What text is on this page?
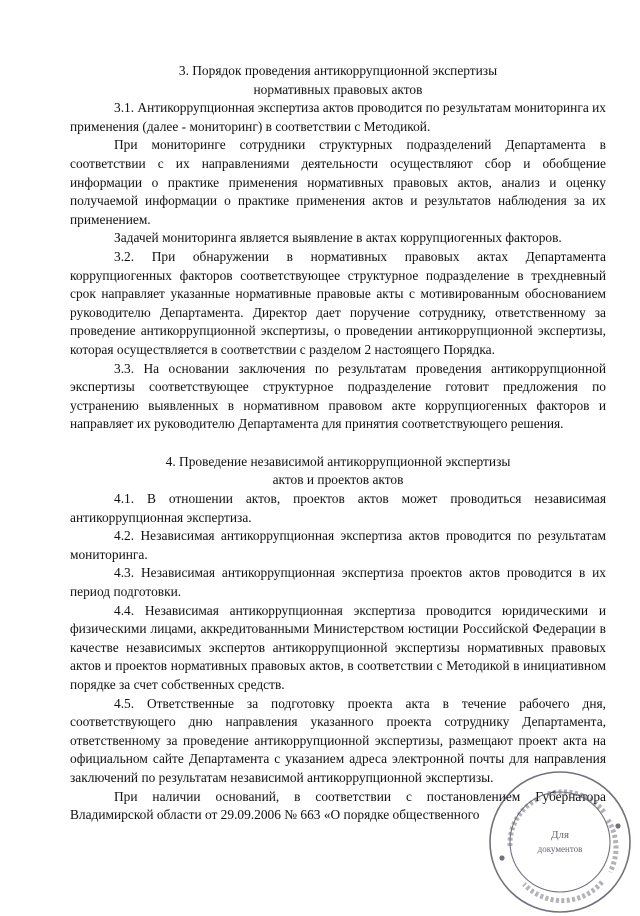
3. Порядок проведения антикоррупционной экспертизы

нормативных правовых актов

3.1. Антикоррупционная экспертиза актов проводится по результатам мониторинга их применения (далее - мониторинг) в соответствии с Методикой.

При мониторинге сотрудники структурных подразделений Департамента в соответствии с их направлениями деятельности осуществляют сбор и обобщение информации о практике применения нормативных правовых актов, анализ и оценку получаемой информации о практике применения актов и результатов наблюдения за их применением.

Задачей мониторинга является выявление в актах коррупциогенных факторов.

3.2. При обнаружении в нормативных правовых актах Департамента коррупциогенных факторов соответствующее структурное подразделение в трехдневный срок направляет указанные нормативные правовые акты с мотивированным обоснованием руководителю Департамента. Директор дает поручение сотруднику, ответственному за проведение антикоррупционной экспертизы, о проведении антикоррупционной экспертизы, которая осуществляется в соответствии с разделом 2 настоящего Порядка.

3.3. На основании заключения по результатам проведения антикоррупционной экспертизы соответствующее структурное подразделение готовит предложения по устранению выявленных в нормативном правовом акте коррупциогенных факторов и направляет их руководителю Департамента для принятия соответствующего решения.

4. Проведение независимой антикоррупционной экспертизы

актов и проектов актов

4.1. В отношении актов, проектов актов может проводиться независимая антикоррупционная экспертиза.

4.2. Независимая антикоррупционная экспертиза актов проводится по результатам мониторинга.

4.3. Независимая антикоррупционная экспертиза проектов актов проводится в их период подготовки.

4.4. Независимая антикоррупционная экспертиза проводится юридическими и физическими лицами, аккредитованными Министерством юстиции Российской Федерации в качестве независимых экспертов антикоррупционной экспертизы нормативных правовых актов и проектов нормативных правовых актов, в соответствии с Методикой в инициативном порядке за счет собственных средств.

4.5. Ответственные за подготовку проекта акта в течение рабочего дня, соответствующего дню направления указанного проекта сотруднику Департамента, ответственному за проведение антикоррупционной экспертизы, размещают проект акта на официальном сайте Департамента с указанием адреса электронной почты для направления заключений по результатам независимой антикоррупционной экспертизы.

При наличии оснований, в соответствии с постановлением Губернатора Владимирской области от 29.09.2006 № 663 «О порядке общественного

Для
документов
